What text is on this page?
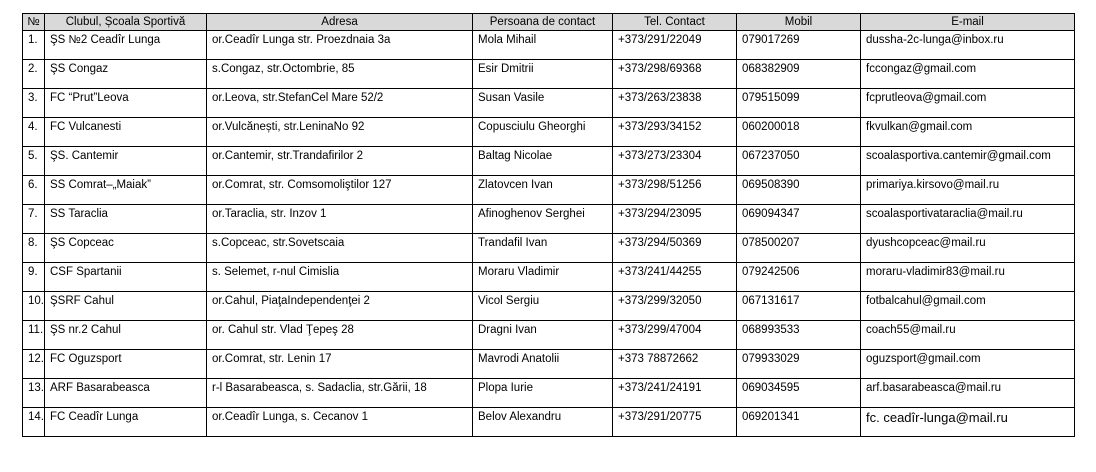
№	Clubul, Școala Sportivă	Adresa	Persoana de contact	Tel. Contact	Mobil	E-mail
1.	ŞS №2 Ceadîr Lunga	or.Ceadîr Lunga str. Proezdnaia 3a	Mola Mihail	+373/291/22049	079017269	dussha-2c-lunga@inbox.ru
2.	ŞS Congaz	s.Congaz, str.Octombrie, 85	Esir Dmitrii	+373/298/69368	068382909	fccongaz@gmail.com
3.	FC “Prut”Leova	or.Leova, str.StefanCel Mare 52/2	Susan Vasile	+373/263/23838	079515099	fcprutleova@gmail.com
4.	FC Vulcanesti	or.Vulcănești, str.LeninaNo 92	Copusciulu Gheorghi	+373/293/34152	060200018	fkvulkan@gmail.com
5.	ŞS. Cantemir	or.Cantemir, str.Trandafirilor 2	Baltag Nicolae	+373/273/23304	067237050	scoalasportiva.cantemir@gmail.com
6.	SS Comrat–„Maiak”	or.Comrat, str. Comsomoliştilor 127	Zlatovcen Ivan	+373/298/51256	069508390	primariya.kirsovo@mail.ru
7.	SS Taraclia	or.Taraclia, str. Inzov 1	Afinoghenov Serghei	+373/294/23095	069094347	scoalasportivataraclia@mail.ru
8.	ŞS Copceac	s.Copceac, str.Sovetscaia	Trandafil Ivan	+373/294/50369	078500207	dyushcopceac@mail.ru
9.	CSF Spartanii	s. Selemet, r-nul Cimislia	Moraru Vladimir	+373/241/44255	079242506	moraru-vladimir83@mail.ru
10.	ŞSRF Cahul	or.Cahul, PiaţaIndependenţei 2	Vicol Sergiu	+373/299/32050	067131617	fotbalcahul@gmail.com
11.	ŞS nr.2 Cahul	or. Cahul str. Vlad Ţepeş 28	Dragni Ivan	+373/299/47004	068993533	coach55@mail.ru
12.	FC Oguzsport	or.Comrat, str. Lenin 17	Mavrodi Anatolii	+373 78872662	079933029	oguzsport@gmail.com
13.	ARF Basarabeasca	r-l Basarabeasca, s. Sadaclia, str.Gării, 18	Plopa Iurie	+373/241/24191	069034595	arf.basarabeasca@mail.ru
14.	FC Ceadîr Lunga	or.Ceadîr Lunga, s. Cecanov 1	Belov Alexandru	+373/291/20775	069201341	fc. ceadîr-lunga@mail.ru
